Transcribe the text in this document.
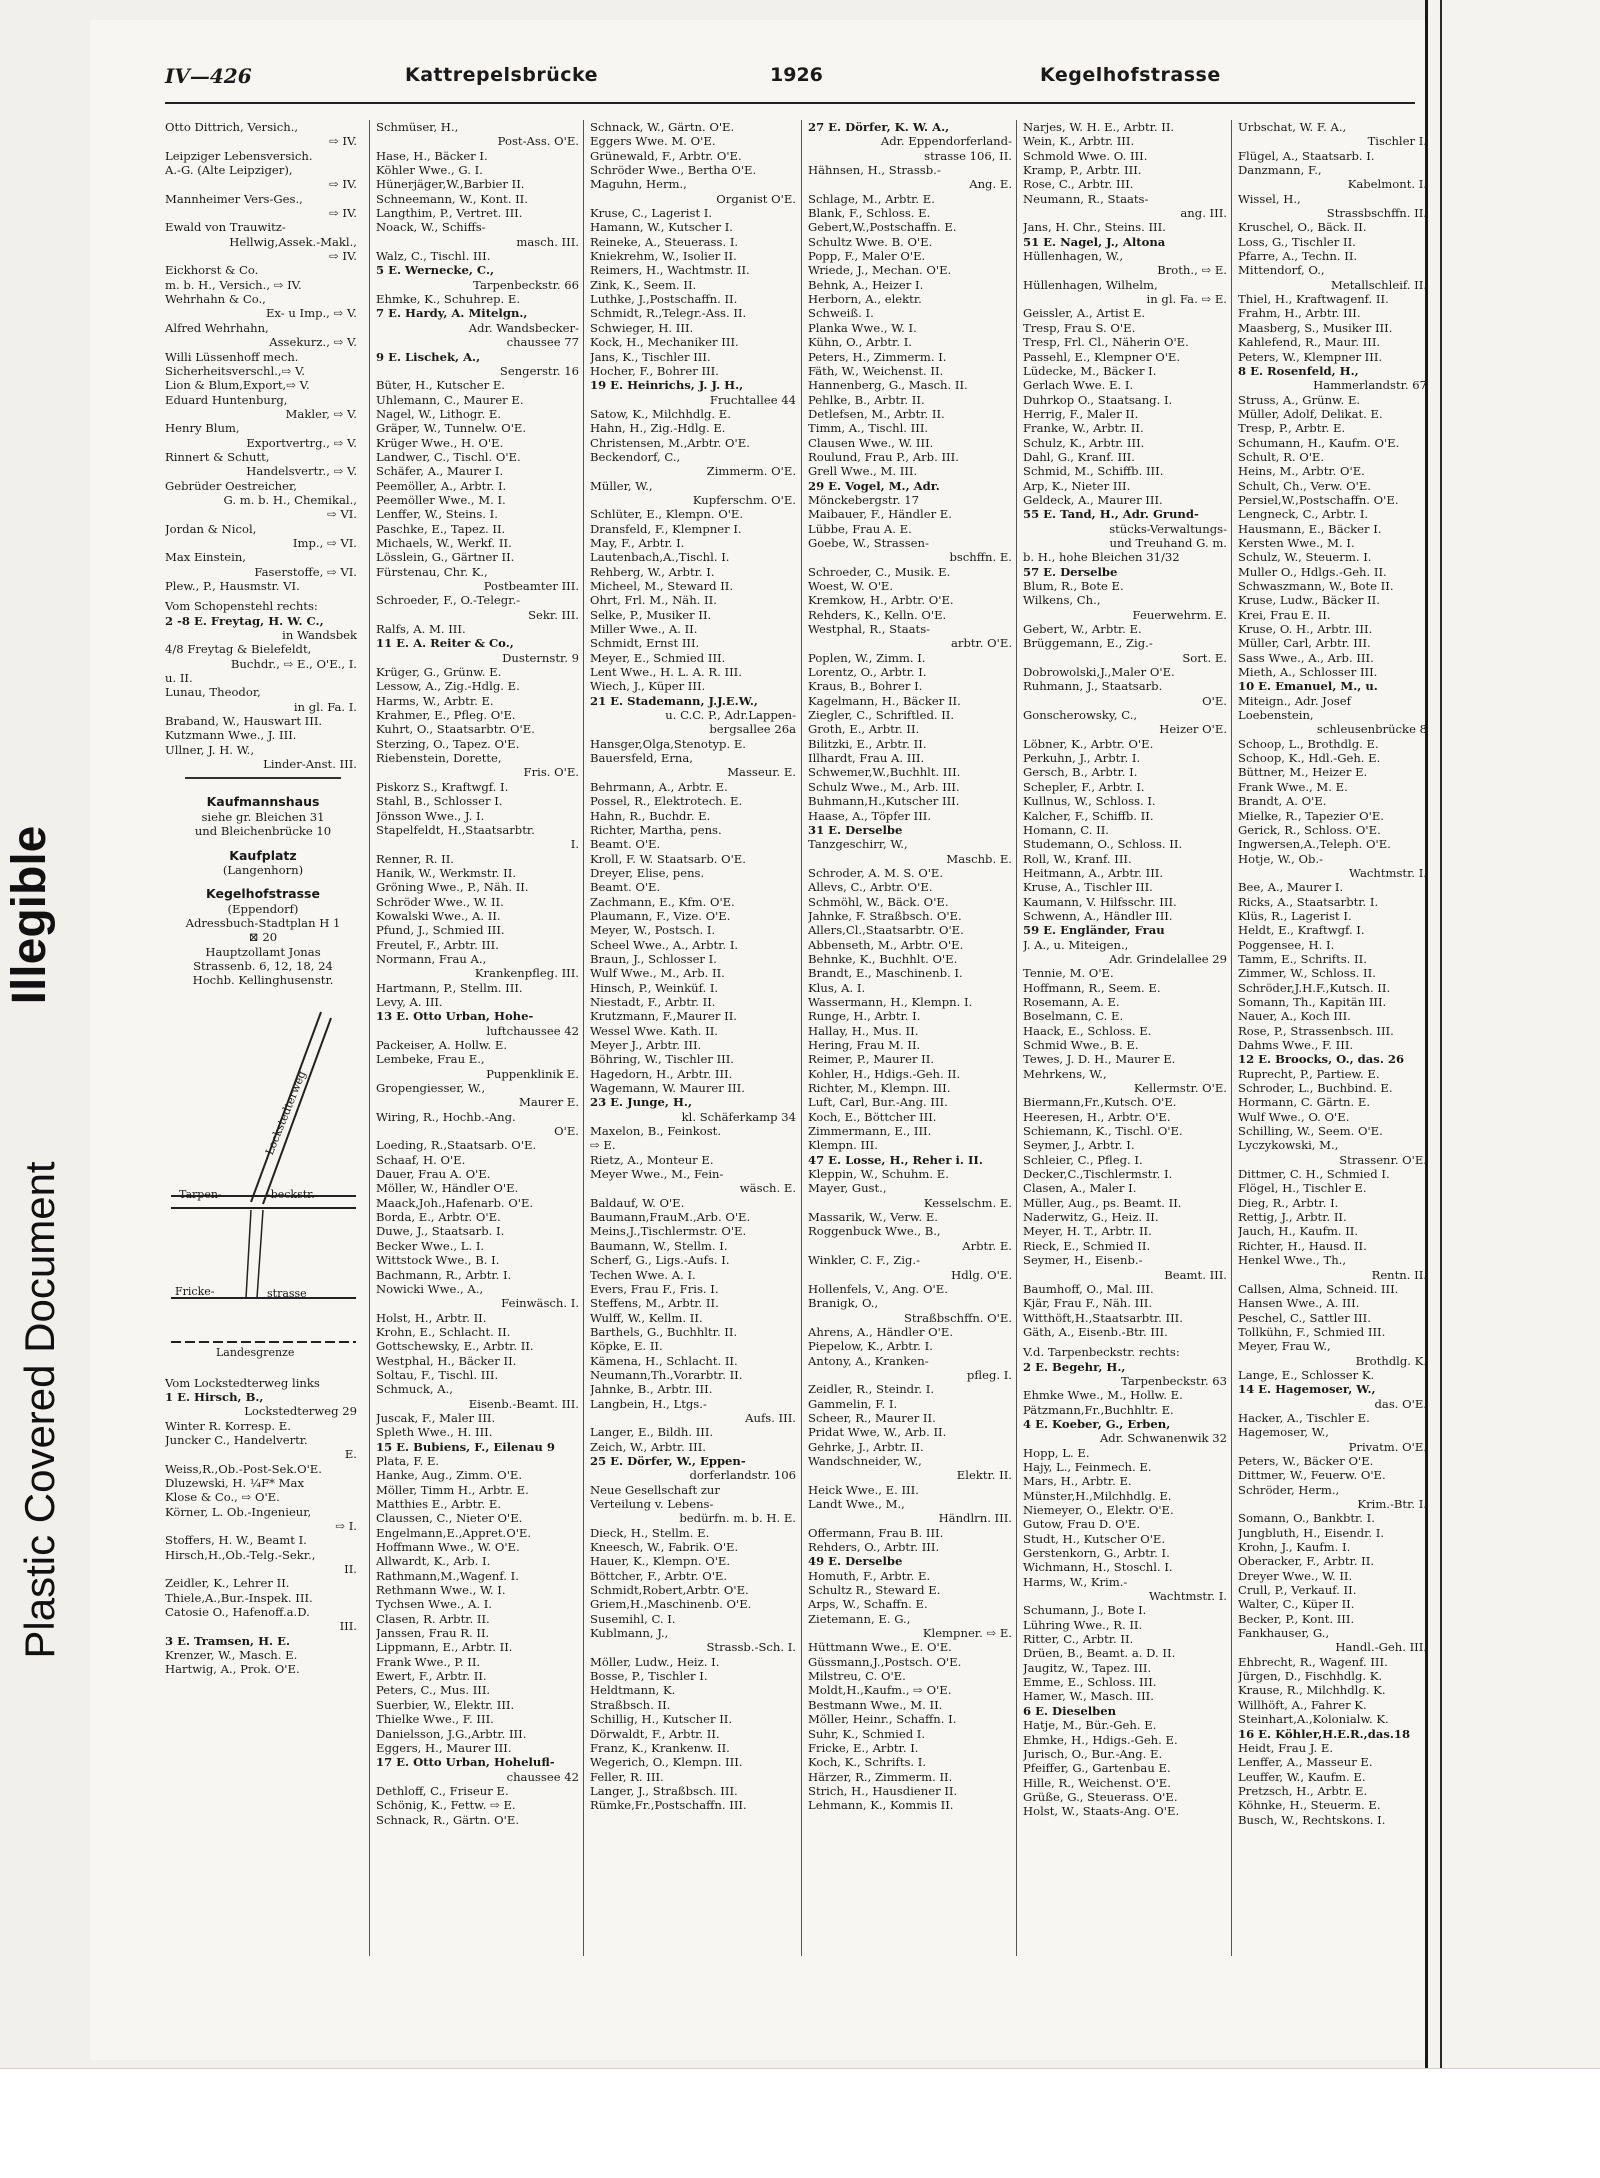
Plastic Covered Document
Illegible
IV—426	Kattrepelsbrücke	1926	Kegelhofstrasse
Otto Dittrich, Versich.,
⇨ IV.
Leipziger Lebensversich.
A.-G. (Alte Leipziger),
⇨ IV.
Mannheimer Vers-Ges.,
⇨ IV.
Ewald von Trauwitz-
Hellwig,Assek.-Makl.,
⇨ IV.
Eickhorst & Co.
m. b. H., Versich., ⇨ IV.
Wehrhahn & Co.,
Ex- u Imp., ⇨ V.
Alfred Wehrhahn,
Assekurz., ⇨ V.
Willi Lüssenhoff mech.
Sicherheitsverschl.,⇨ V.
Lion & Blum,Export,⇨ V.
Eduard Huntenburg,
Makler, ⇨ V.
Henry Blum,
Exportvertrg., ⇨ V.
Rinnert & Schutt,
Handelsvertr., ⇨ V.
Gebrüder Oestreicher,
G. m. b. H., Chemikal.,
⇨ VI.
Jordan & Nicol,
Imp., ⇨ VI.
Max Einstein,
Faserstoffe, ⇨ VI.
Plew., P., Hausmstr. VI.

Vom Schopenstehl rechts:
2 -8 E. Freytag, H. W. C.,
in Wandsbek
4/8 Freytag & Bielefeldt,
Buchdr., ⇨ E., O'E., I.
u. II.
Lunau, Theodor,
in gl. Fa. I.
Braband, W., Hauswart III.
Kutzmann Wwe., J. III.
Ullner, J. H. W.,
Linder-Anst. III.

Kaufmannshaus
siehe gr. Bleichen 31
und Bleichenbrücke 10

Kaufplatz
(Langenhorn)

Kegelhofstrasse
(Eppendorf)
Adressbuch-Stadtplan H 1
⊠ 20
Hauptzollamt Jonas
Strassenb. 6, 12, 18, 24
Hochb. Kellinghusenstr.

Lockstedterweg
Tarpen-	-beckstr.
Fricke-	strasse
Landesgrenze

Vom Lockstedterweg links
1 E. Hirsch, B.,
Lockstedterweg 29
Winter R. Korresp. E.
Juncker C., Handelvertr.
E.
Weiss,R.,Ob.-Post-Sek.O'E.
Dluzewski, H. ¼F* Max
Klose & Co., ⇨ O'E.
Körner, L. Ob.-Ingenieur,
⇨ I.
Stoffers, H. W., Beamt I.
Hirsch,H.,Ob.-Telg.-Sekr.,
II.
Zeidler, K., Lehrer II.
Thiele,A.,Bur.-Inspek. III.
Catosie O., Hafenoff.a.D.
III.
3 E. Tramsen, H. E.
Krenzer, W., Masch. E.
Hartwig, A., Prok. O'E.
Schmüser, H.,
Post-Ass. O'E.
Hase, H., Bäcker I.
Köhler Wwe., G. I.
Hünerjäger,W.,Barbier II.
Schneemann, W., Kont. II.
Langthim, P., Vertret. III.
Noack, W., Schiffs-
masch. III.
Walz, C., Tischl. III.
5 E. Wernecke, C.,
Tarpenbeckstr. 66
Ehmke, K., Schuhrep. E.
7 E. Hardy, A. Mitelgn.,
Adr. Wandsbecker-
chaussee 77
9 E. Lischek, A.,
Sengerstr. 16
Büter, H., Kutscher E.
Uhlemann, C., Maurer E.
Nagel, W., Lithogr. E.
Gräper, W., Tunnelw. O'E.
Krüger Wwe., H. O'E.
Landwer, C., Tischl. O'E.
Schäfer, A., Maurer I.
Peemöller, A., Arbtr. I.
Peemöller Wwe., M. I.
Lenffer, W., Steins. I.
Paschke, E., Tapez. II.
Michaels, W., Werkf. II.
Lösslein, G., Gärtner II.
Fürstenau, Chr. K.,
Postbeamter III.
Schroeder, F., O.-Telegr.-
Sekr. III.
Ralfs, A. M. III.
11 E. A. Reiter & Co.,
Dusternstr. 9
Krüger, G., Grünw. E.
Lessow, A., Zig.-Hdlg. E.
Harms, W., Arbtr. E.
Krahmer, E., Pfleg. O'E.
Kuhrt, O., Staatsarbtr. O'E.
Sterzing, O., Tapez. O'E.
Riebenstein, Dorette,
Fris. O'E.
Piskorz S., Kraftwgf. I.
Stahl, B., Schlosser I.
Jönsson Wwe., J. I.
Stapelfeldt, H.,Staatsarbtr.
I.
Renner, R. II.
Hanik, W., Werkmstr. II.
Gröning Wwe., P., Näh. II.
Schröder Wwe., W. II.
Kowalski Wwe., A. II.
Pfund, J., Schmied III.
Freutel, F., Arbtr. III.
Normann, Frau A.,
Krankenpfleg. III.
Hartmann, P., Stellm. III.
Levy, A. III.
13 E. Otto Urban, Hohe-
luftchaussee 42
Packeiser, A. Hollw. E.
Lembeke, Frau E.,
Puppenklinik E.
Gropengiesser, W.,
Maurer E.
Wiring, R., Hochb.-Ang.
O'E.
Loeding, R.,Staatsarb. O'E.
Schaaf, H. O'E.
Dauer, Frau A. O'E.
Möller, W., Händler O'E.
Maack,Joh.,Hafenarb. O'E.
Borda, E., Arbtr. O'E.
Duwe, J., Staatsarb. I.
Becker Wwe., L. I.
Wittstock Wwe., B. I.
Bachmann, R., Arbtr. I.
Nowicki Wwe., A.,
Feinwäsch. I.
Holst, H., Arbtr. II.
Krohn, E., Schlacht. II.
Gottschewsky, E., Arbtr. II.
Westphal, H., Bäcker II.
Soltau, F., Tischl. III.
Schmuck, A.,
Eisenb.-Beamt. III.
Juscak, F., Maler III.
Spleth Wwe., H. III.
15 E. Bubiens, F., Eilenau 9
Plata, F. E.
Hanke, Aug., Zimm. O'E.
Möller, Timm H., Arbtr. E.
Matthies E., Arbtr. E.
Claussen, C., Nieter O'E.
Engelmann,E.,Appret.O'E.
Hoffmann Wwe., W. O'E.
Allwardt, K., Arb. I.
Rathmann,M.,Wagenf. I.
Rethmann Wwe., W. I.
Tychsen Wwe., A. I.
Clasen, R. Arbtr. II.
Janssen, Frau R. II.
Lippmann, E., Arbtr. II.
Frank Wwe., P. II.
Ewert, F., Arbtr. II.
Peters, C., Mus. III.
Suerbier, W., Elektr. III.
Thielke Wwe., F. III.
Danielsson, J.G.,Arbtr. III.
Eggers, H., Maurer III.
17 E. Otto Urban, Hohelufl-
chaussee 42
Dethloff, C., Friseur E.
Schönig, K., Fettw. ⇨ E.
Schnack, R., Gärtn. O'E.
Schnack, W., Gärtn. O'E.
Eggers Wwe. M. O'E.
Grünewald, F., Arbtr. O'E.
Schröder Wwe., Bertha O'E.
Maguhn, Herm.,
Organist O'E.
Kruse, C., Lagerist I.
Hamann, W., Kutscher I.
Reineke, A., Steuerass. I.
Kniekrehm, W., Isolier II.
Reimers, H., Wachtmstr. II.
Zink, K., Seem. II.
Luthke, J.,Postschaffn. II.
Schmidt, R.,Telegr.-Ass. II.
Schwieger, H. III.
Kock, H., Mechaniker III.
Jans, K., Tischler III.
Hocher, F., Bohrer III.
19 E. Heinrichs, J. J. H.,
Fruchtallee 44
Satow, K., Milchhdlg. E.
Hahn, H., Zig.-Hdlg. E.
Christensen, M.,Arbtr. O'E.
Beckendorf, C.,
Zimmerm. O'E.
Müller, W.,
Kupferschm. O'E.
Schlüter, E., Klempn. O'E.
Dransfeld, F., Klempner I.
May, F., Arbtr. I.
Lautenbach,A.,Tischl. I.
Rehberg, W., Arbtr. I.
Micheel, M., Steward II.
Ohrt, Frl. M., Näh. II.
Selke, P., Musiker II.
Miller Wwe., A. II.
Schmidt, Ernst III.
Meyer, E., Schmied III.
Lent Wwe., H. L. A. R. III.
Wiech, J., Küper III.
21 E. Stademann, J.J.E.W.,
u. C.C. P., Adr.Lappen-
bergsallee 26a
Hansger,Olga,Stenotyp. E.
Bauersfeld, Erna,
Masseur. E.
Behrmann, A., Arbtr. E.
Possel, R., Elektrotech. E.
Hahn, R., Buchdr. E.
Richter, Martha, pens.
Beamt. O'E.
Kroll, F. W. Staatsarb. O'E.
Dreyer, Elise, pens.
Beamt. O'E.
Zachmann, E., Kfm. O'E.
Plaumann, F., Vize. O'E.
Meyer, W., Postsch. I.
Scheel Wwe., A., Arbtr. I.
Braun, J., Schlosser I.
Wulf Wwe., M., Arb. II.
Hinsch, P., Weinküf. I.
Niestadt, F., Arbtr. II.
Krutzmann, F.,Maurer II.
Wessel Wwe. Kath. II.
Meyer J., Arbtr. III.
Böhring, W., Tischler III.
Hagedorn, H., Arbtr. III.
Wagemann, W. Maurer III.
23 E. Junge, H.,
kl. Schäferkamp 34
Maxelon, B., Feinkost.
⇨ E.
Rietz, A., Monteur E.
Meyer Wwe., M., Fein-
wäsch. E.
Baldauf, W. O'E.
Baumann,FrauM.,Arb. O'E.
Meins,J.,Tischlermstr. O'E.
Baumann, W., Stellm. I.
Scherf, G., Ligs.-Aufs. I.
Techen Wwe. A. I.
Evers, Frau F., Fris. I.
Steffens, M., Arbtr. II.
Wulff, W., Kellm. II.
Barthels, G., Buchhltr. II.
Köpke, E. II.
Kämena, H., Schlacht. II.
Neumann,Th.,Vorarbtr. II.
Jahnke, B., Arbtr. III.
Langbein, H., Ltgs.-
Aufs. III.
Langer, E., Bildh. III.
Zeich, W., Arbtr. III.
25 E. Dörfer, W., Eppen-
dorferlandstr. 106
Neue Gesellschaft zur
Verteilung v. Lebens-
bedürfn. m. b. H. E.
Dieck, H., Stellm. E.
Kneesch, W., Fabrik. O'E.
Hauer, K., Klempn. O'E.
Böttcher, F., Arbtr. O'E.
Schmidt,Robert,Arbtr. O'E.
Griem,H.,Maschinenb. O'E.
Susemihl, C. I.
Kublmann, J.,
Strassb.-Sch. I.
Möller, Ludw., Heiz. I.
Bosse, P., Tischler I.
Heldtmann, K.
Straßbsch. II.
Schillig, H., Kutscher II.
Dörwaldt, F., Arbtr. II.
Franz, K., Krankenw. II.
Wegerich, O., Klempn. III.
Feller, R. III.
Langer, J., Straßbsch. III.
Rümke,Fr.,Postschaffn. III.
27 E. Dörfer, K. W. A.,
Adr. Eppendorferland-
strasse 106, II.
Hähnsen, H., Strassb.-
Ang. E.
Schlage, M., Arbtr. E.
Blank, F., Schloss. E.
Gebert,W.,Postschaffn. E.
Schultz Wwe. B. O'E.
Popp, F., Maler O'E.
Wriede, J., Mechan. O'E.
Behnk, A., Heizer I.
Herborn, A., elektr.
Schweiß. I.
Planka Wwe., W. I.
Kühn, O., Arbtr. I.
Peters, H., Zimmerm. I.
Fäth, W., Weichenst. II.
Hannenberg, G., Masch. II.
Pehlke, B., Arbtr. II.
Detlefsen, M., Arbtr. II.
Timm, A., Tischl. III.
Clausen Wwe., W. III.
Roulund, Frau P., Arb. III.
Grell Wwe., M. III.
29 E. Vogel, M., Adr.
Mönckebergstr. 17
Maibauer, F., Händler E.
Lübbe, Frau A. E.
Goebe, W., Strassen-
bschffn. E.
Schroeder, C., Musik. E.
Woest, W. O'E.
Kremkow, H., Arbtr. O'E.
Rehders, K., Kelln. O'E.
Westphal, R., Staats-
arbtr. O'E.
Poplen, W., Zimm. I.
Lorentz, O., Arbtr. I.
Kraus, B., Bohrer I.
Kagelmann, H., Bäcker II.
Ziegler, C., Schriftled. II.
Groth, E., Arbtr. II.
Bilitzki, E., Arbtr. II.
Illhardt, Frau A. III.
Schwemer,W.,Buchhlt. III.
Schulz Wwe., M., Arb. III.
Buhmann,H.,Kutscher III.
Haase, A., Töpfer III.
31 E. Derselbe
Tanzgeschirr, W.,
Maschb. E.
Schroder, A. M. S. O'E.
Allevs, C., Arbtr. O'E.
Schmöhl, W., Bäck. O'E.
Jahnke, F. Straßbsch. O'E.
Allers,Cl.,Staatsarbtr. O'E.
Abbenseth, M., Arbtr. O'E.
Behnke, K., Buchhlt. O'E.
Brandt, E., Maschinenb. I.
Klus, A. I.
Wassermann, H., Klempn. I.
Runge, H., Arbtr. I.
Hallay, H., Mus. II.
Hering, Frau M. II.
Reimer, P., Maurer II.
Kohler, H., Hdigs.-Geh. II.
Richter, M., Klempn. III.
Luft, Carl, Bur.-Ang. III.
Koch, E., Böttcher III.
Zimmermann, E., III.
Klempn. III.
47 E. Losse, H., Reher i. II.
Kleppin, W., Schuhm. E.
Mayer, Gust.,
Kesselschm. E.
Massarik, W., Verw. E.
Roggenbuck Wwe., B.,
Arbtr. E.
Winkler, C. F., Zig.-
Hdlg. O'E.
Hollenfels, V., Ang. O'E.
Branigk, O.,
Straßbschffn. O'E.
Ahrens, A., Händler O'E.
Piepelow, K., Arbtr. I.
Antony, A., Kranken-
pfleg. I.
Zeidler, R., Steindr. I.
Gammelin, F. I.
Scheer, R., Maurer II.
Pridat Wwe, W., Arb. II.
Gehrke, J., Arbtr. II.
Wandschneider, W.,
Elektr. II.
Heick Wwe., E. III.
Landt Wwe., M.,
Händlrn. III.
Offermann, Frau B. III.
Rehders, O., Arbtr. III.
49 E. Derselbe
Homuth, F., Arbtr. E.
Schultz R., Steward E.
Arps, W., Schaffn. E.
Zietemann, E. G.,
Klempner. ⇨ E.
Hüttmann Wwe., E. O'E.
Güssmann,J.,Postsch. O'E.
Milstreu, C. O'E.
Moldt,H.,Kaufm., ⇨ O'E.
Bestmann Wwe., M. II.
Möller, Heinr., Schaffn. I.
Suhr, K., Schmied I.
Fricke, E., Arbtr. I.
Koch, K., Schrifts. I.
Härzer, R., Zimmerm. II.
Strich, H., Hausdiener II.
Lehmann, K., Kommis II.
Narjes, W. H. E., Arbtr. II.
Wein, K., Arbtr. III.
Schmold Wwe. O. III.
Kramp, P., Arbtr. III.
Rose, C., Arbtr. III.
Neumann, R., Staats-
ang. III.
Jans, H. Chr., Steins. III.
51 E. Nagel, J., Altona
Hüllenhagen, W.,
Broth., ⇨ E.
Hüllenhagen, Wilhelm,
in gl. Fa. ⇨ E.
Geissler, A., Artist E.
Tresp, Frau S. O'E.
Tresp, Frl. Cl., Näherin O'E.
Passehl, E., Klempner O'E.
Lüdecke, M., Bäcker I.
Gerlach Wwe. E. I.
Duhrkop O., Staatsang. I.
Herrig, F., Maler II.
Franke, W., Arbtr. II.
Schulz, K., Arbtr. III.
Dahl, G., Kranf. III.
Schmid, M., Schiffb. III.
Arp, K., Nieter III.
Geldeck, A., Maurer III.
55 E. Tand, H., Adr. Grund-
stücks-Verwaltungs-
und Treuhand G. m.
b. H., hohe Bleichen 31/32
57 E. Derselbe
Blum, R., Bote E.
Wilkens, Ch.,
Feuerwehrm. E.
Gebert, W., Arbtr. E.
Brüggemann, E., Zig.-
Sort. E.
Dobrowolski,J.,Maler O'E.
Ruhmann, J., Staatsarb.
O'E.
Gonscherowsky, C.,
Heizer O'E.
Löbner, K., Arbtr. O'E.
Perkuhn, J., Arbtr. I.
Gersch, B., Arbtr. I.
Schepler, F., Arbtr. I.
Kullnus, W., Schloss. I.
Kalcher, F., Schiffb. II.
Homann, C. II.
Studemann, O., Schloss. II.
Roll, W., Kranf. III.
Heitmann, A., Arbtr. III.
Kruse, A., Tischler III.
Kaumann, V. Hilfsschr. III.
Schwenn, A., Händler III.
59 E. Engländer, Frau
J. A., u. Miteigen.,
Adr. Grindelallee 29
Tennie, M. O'E.
Hoffmann, R., Seem. E.
Rosemann, A. E.
Boselmann, C. E.
Haack, E., Schloss. E.
Schmid Wwe., B. E.
Tewes, J. D. H., Maurer E.
Mehrkens, W.,
Kellermstr. O'E.
Biermann,Fr.,Kutsch. O'E.
Heeresen, H., Arbtr. O'E.
Schiemann, K., Tischl. O'E.
Seymer, J., Arbtr. I.
Schleier, C., Pfleg. I.
Decker,C.,Tischlermstr. I.
Clasen, A., Maler I.
Müller, Aug., ps. Beamt. II.
Naderwitz, G., Heiz. II.
Meyer, H. T., Arbtr. II.
Rieck, E., Schmied II.
Seymer, H., Eisenb.-
Beamt. III.
Baumhoff, O., Mal. III.
Kjär, Frau F., Näh. III.
Witthöft,H.,Staatsarbtr. III.
Gäth, A., Eisenb.-Btr. III.

V.d. Tarpenbeckstr. rechts:
2 E. Begehr, H.,
Tarpenbeckstr. 63
Ehmke Wwe., M., Hollw. E.
Pätzmann,Fr.,Buchhltr. E.
4 E. Koeber, G., Erben,
Adr. Schwanenwik 32
Hopp, L. E.
Hajy, L., Feinmech. E.
Mars, H., Arbtr. E.
Münster,H.,Milchhdlg. E.
Niemeyer, O., Elektr. O'E.
Gutow, Frau D. O'E.
Studt, H., Kutscher O'E.
Gerstenkorn, G., Arbtr. I.
Wichmann, H., Stoschl. I.
Harms, W., Krim.-
Wachtmstr. I.
Schumann, J., Bote I.
Lühring Wwe., R. II.
Ritter, C., Arbtr. II.
Drüen, B., Beamt. a. D. II.
Jaugitz, W., Tapez. III.
Emme, E., Schloss. III.
Hamer, W., Masch. III.
6 E. Dieselben
Hatje, M., Bür.-Geh. E.
Ehmke, H., Hdigs.-Geh. E.
Jurisch, O., Bur.-Ang. E.
Pfeiffer, G., Gartenbau E.
Hille, R., Weichenst. O'E.
Grüße, G., Steuerass. O'E.
Holst, W., Staats-Ang. O'E.
Urbschat, W. F. A.,
Tischler I.
Flügel, A., Staatsarb. I.
Danzmann, F.,
Kabelmont. I.
Wissel, H.,
Strassbschffn. II.
Kruschel, O., Bäck. II.
Loss, G., Tischler II.
Pfarre, A., Techn. II.
Mittendorf, O.,
Metallschleif. II.
Thiel, H., Kraftwagenf. II.
Frahm, H., Arbtr. III.
Maasberg, S., Musiker III.
Kahlefend, R., Maur. III.
Peters, W., Klempner III.
8 E. Rosenfeld, H.,
Hammerlandstr. 67
Struss, A., Grünw. E.
Müller, Adolf, Delikat. E.
Tresp, P., Arbtr. E.
Schumann, H., Kaufm. O'E.
Schult, R. O'E.
Heins, M., Arbtr. O'E.
Schult, Ch., Verw. O'E.
Persiel,W.,Postschaffn. O'E.
Lengneck, C., Arbtr. I.
Hausmann, E., Bäcker I.
Kersten Wwe., M. I.
Schulz, W., Steuerm. I.
Muller O., Hdlgs.-Geh. II.
Schwaszmann, W., Bote II.
Kruse, Ludw., Bäcker II.
Krei, Frau E. II.
Kruse, O. H., Arbtr. III.
Müller, Carl, Arbtr. III.
Sass Wwe., A., Arb. III.
Mieth, A., Schlosser III.
10 E. Emanuel, M., u.
Miteign., Adr. Josef
Loebenstein,
schleusenbrücke 8
Schoop, L., Brothdlg. E.
Schoop, K., Hdl.-Geh. E.
Büttner, M., Heizer E.
Frank Wwe., M. E.
Brandt, A. O'E.
Mielke, R., Tapezier O'E.
Gerick, R., Schloss. O'E.
Ingwersen,A.,Teleph. O'E.
Hotje, W., Ob.-
Wachtmstr. I.
Bee, A., Maurer I.
Ricks, A., Staatsarbtr. I.
Klüs, R., Lagerist I.
Heldt, E., Kraftwgf. I.
Poggensee, H. I.
Tamm, E., Schrifts. II.
Zimmer, W., Schloss. II.
Schröder,J.H.F.,Kutsch. II.
Somann, Th., Kapitän III.
Nauer, A., Koch III.
Rose, P., Strassenbsch. III.
Dahms Wwe., F. III.
12 E. Broocks, O., das. 26
Ruprecht, P., Partiew. E.
Schroder, L., Buchbind. E.
Hormann, C. Gärtn. E.
Wulf Wwe., O. O'E.
Schilling, W., Seem. O'E.
Lyczykowski, M.,
Strassenr. O'E.
Dittmer, C. H., Schmied I.
Flögel, H., Tischler E.
Dieg, R., Arbtr. I.
Rettig, J., Arbtr. II.
Jauch, H., Kaufm. II.
Richter, H., Hausd. II.
Henkel Wwe., Th.,
Rentn. II.
Callsen, Alma, Schneid. III.
Hansen Wwe., A. III.
Peschel, C., Sattler III.
Tollkühn, F., Schmied III.
Meyer, Frau W.,
Brothdlg. K.
Lange, E., Schlosser K.
14 E. Hagemoser, W.,
das. O'E.
Hacker, A., Tischler E.
Hagemoser, W.,
Privatm. O'E.
Peters, W., Bäcker O'E.
Dittmer, W., Feuerw. O'E.
Schröder, Herm.,
Krim.-Btr. I.
Somann, O., Bankbtr. I.
Jungbluth, H., Eisendr. I.
Krohn, J., Kaufm. I.
Oberacker, F., Arbtr. II.
Dreyer Wwe., W. II.
Crull, P., Verkauf. II.
Walter, C., Küper II.
Becker, P., Kont. III.
Fankhauser, G.,
Handl.-Geh. III.
Ehbrecht, R., Wagenf. III.
Jürgen, D., Fischhdlg. K.
Krause, R., Milchhdlg. K.
Willhöft, A., Fahrer K.
Steinhart,A.,Kolonialw. K.
16 E. Köhler,H.E.R.,das.18
Heidt, Frau J. E.
Lenffer, A., Masseur E.
Leuffer, W., Kaufm. E.
Pretzsch, H., Arbtr. E.
Köhnke, H., Steuerm. E.
Busch, W., Rechtskons. I.
